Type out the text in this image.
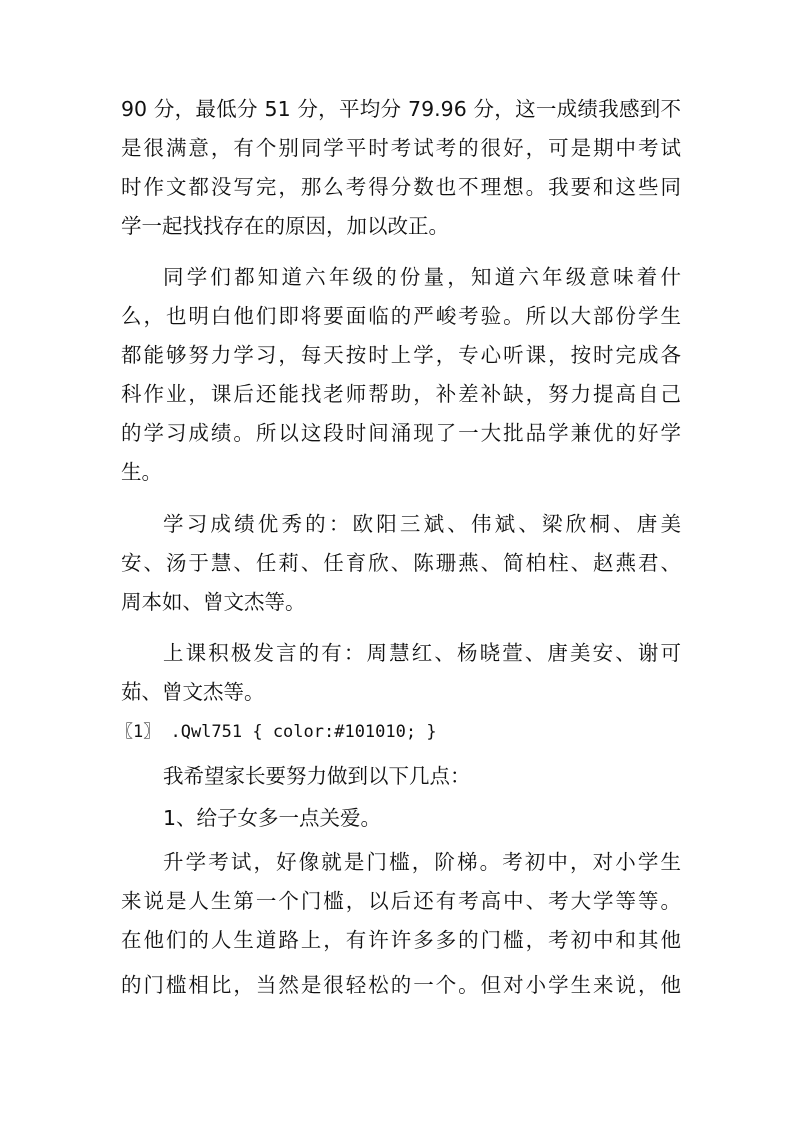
90 分，最低分 51 分，平均分 79.96 分，这一成绩我感到不
是很满意，有个别同学平时考试考的很好，可是期中考试
时作文都没写完，那么考得分数也不理想。我要和这些同
学一起找找存在的原因，加以改正。
同学们都知道六年级的份量，知道六年级意味着什
么，也明白他们即将要面临的严峻考验。所以大部份学生
都能够努力学习，每天按时上学，专心听课，按时完成各
科作业，课后还能找老师帮助，补差补缺，努力提高自己
的学习成绩。所以这段时间涌现了一大批品学兼优的好学
生。
学习成绩优秀的：欧阳三斌、伟斌、梁欣桐、唐美
安、汤于慧、任莉、任育欣、陈珊燕、简柏柱、赵燕君、
周本如、曾文杰等。
上课积极发言的有：周慧红、杨晓萱、唐美安、谢可
茹、曾文杰等。
〖1〗 .Qwl751 { color:#101010; }
我希望家长要努力做到以下几点：
1、给子女多一点关爱。
升学考试，好像就是门槛，阶梯。考初中，对小学生
来说是人生第一个门槛，以后还有考高中、考大学等等。
在他们的人生道路上，有许许多多的门槛，考初中和其他
的门槛相比，当然是很轻松的一个。但对小学生来说，他
